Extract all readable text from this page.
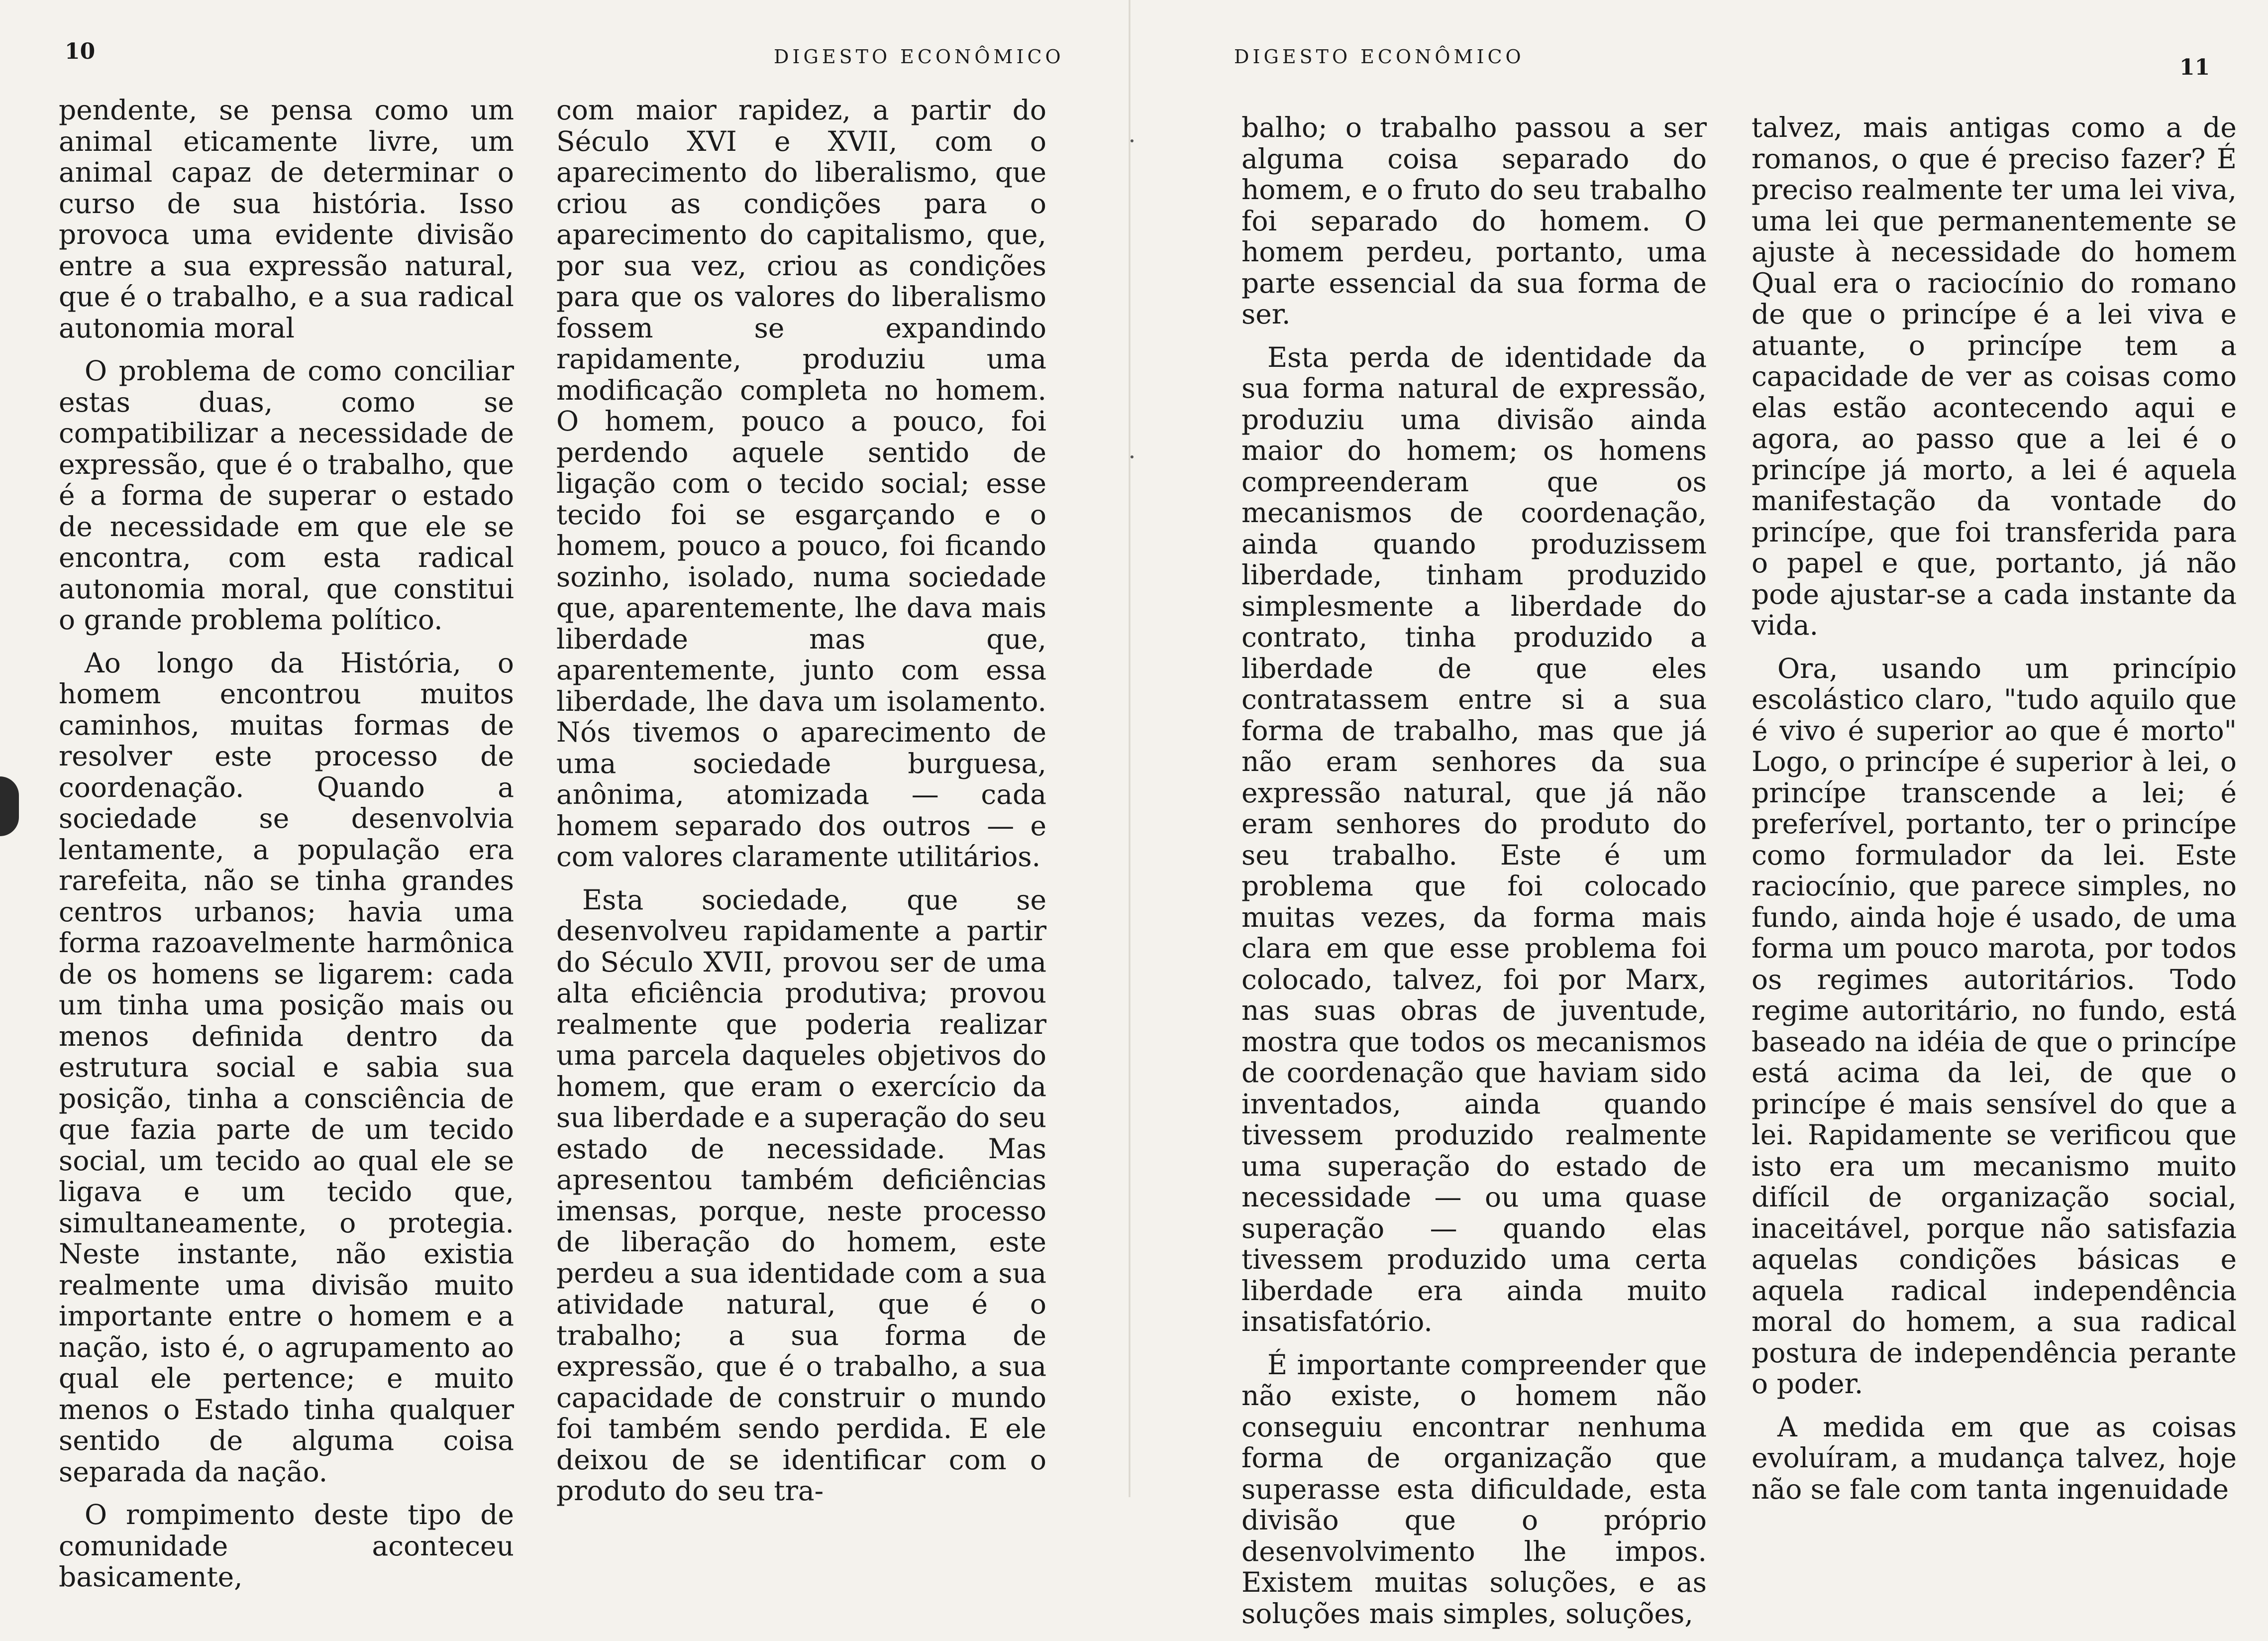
10	DIGESTO ECONÔMICO

pendente, se pensa como um animal eticamente livre, um animal capaz de determinar o curso de sua história. Isso provoca uma evidente divisão entre a sua expressão natural, que é o trabalho, e a sua radical autonomia moral

O problema de como conciliar estas duas, como se compatibilizar a necessidade de expressão, que é o trabalho, que é a forma de superar o estado de necessidade em que ele se encontra, com esta radical autonomia moral, que constitui o grande problema político.

Ao longo da História, o homem encontrou muitos caminhos, muitas formas de resolver este processo de coordenação. Quando a sociedade se desenvolvia lentamente, a população era rarefeita, não se tinha grandes centros urbanos; havia uma forma razoavelmente harmônica de os homens se ligarem: cada um tinha uma posição mais ou menos definida dentro da estrutura social e sabia sua posição, tinha a consciência de que fazia parte de um tecido social, um tecido ao qual ele se ligava e um tecido que, simultaneamente, o protegia. Neste instante, não existia realmente uma divisão muito importante entre o homem e a nação, isto é, o agrupamento ao qual ele pertence; e muito menos o Estado tinha qualquer sentido de alguma coisa separada da nação.

O rompimento deste tipo de comunidade aconteceu basicamente,

com maior rapidez, a partir do Século XVI e XVII, com o aparecimento do liberalismo, que criou as condições para o aparecimento do capitalismo, que, por sua vez, criou as condições para que os valores do liberalismo fossem se expandindo rapidamente, produziu uma modificação completa no homem. O homem, pouco a pouco, foi perdendo aquele sentido de ligação com o tecido social; esse tecido foi se esgarçando e o homem, pouco a pouco, foi ficando sozinho, isolado, numa sociedade que, aparentemente, lhe dava mais liberdade mas que, aparentemente, junto com essa liberdade, lhe dava um isolamento. Nós tivemos o aparecimento de uma sociedade burguesa, anônima, atomizada — cada homem separado dos outros — e com valores claramente utilitários.

Esta sociedade, que se desenvolveu rapidamente a partir do Século XVII, provou ser de uma alta eficiência produtiva; provou realmente que poderia realizar uma parcela daqueles objetivos do homem, que eram o exercício da sua liberdade e a superação do seu estado de necessidade. Mas apresentou também deficiências imensas, porque, neste processo de liberação do homem, este perdeu a sua identidade com a sua atividade natural, que é o trabalho; a sua forma de expressão, que é o trabalho, a sua capacidade de construir o mundo foi também sendo perdida. E ele deixou de se identificar com o produto do seu tra-

DIGESTO ECONÔMICO	11

balho; o trabalho passou a ser alguma coisa separado do homem, e o fruto do seu trabalho foi separado do homem. O homem perdeu, portanto, uma parte essencial da sua forma de ser.

Esta perda de identidade da sua forma natural de expressão, produziu uma divisão ainda maior do homem; os homens compreenderam que os mecanismos de coordenação, ainda quando produzissem liberdade, tinham produzido simplesmente a liberdade do contrato, tinha produzido a liberdade de que eles contratassem entre si a sua forma de trabalho, mas que já não eram senhores da sua expressão natural, que já não eram senhores do produto do seu trabalho. Este é um problema que foi colocado muitas vezes, da forma mais clara em que esse problema foi colocado, talvez, foi por Marx, nas suas obras de juventude, mostra que todos os mecanismos de coordenação que haviam sido inventados, ainda quando tivessem produzido realmente uma superação do estado de necessidade — ou uma quase superação — quando elas tivessem produzido uma certa liberdade era ainda muito insatisfatório.

É importante compreender que não existe, o homem não conseguiu encontrar nenhuma forma de organização que superasse esta dificuldade, esta divisão que o próprio desenvolvimento lhe impos. Existem muitas soluções, e as soluções mais simples, soluções,

talvez, mais antigas como a de romanos, o que é preciso fazer? É preciso realmente ter uma lei viva, uma lei que permanentemente se ajuste à necessidade do homem Qual era o raciocínio do romano de que o princípe é a lei viva e atuante, o princípe tem a capacidade de ver as coisas como elas estão acontecendo aqui e agora, ao passo que a lei é o princípe já morto, a lei é aquela manifestação da vontade do princípe, que foi transferida para o papel e que, portanto, já não pode ajustar-se a cada instante da vida.

Ora, usando um princípio escolástico claro, "tudo aquilo que é vivo é superior ao que é morto" Logo, o princípe é superior à lei, o princípe transcende a lei; é preferível, portanto, ter o princípe como formulador da lei. Este raciocínio, que parece simples, no fundo, ainda hoje é usado, de uma forma um pouco marota, por todos os regimes autoritários. Todo regime autoritário, no fundo, está baseado na idéia de que o princípe está acima da lei, de que o princípe é mais sensível do que a lei. Rapidamente se verificou que isto era um mecanismo muito difícil de organização social, inaceitável, porque não satisfazia aquelas condições básicas e aquela radical independência moral do homem, a sua radical postura de independência perante o poder.

A medida em que as coisas evoluíram, a mudança talvez, hoje não se fale com tanta ingenuidade
